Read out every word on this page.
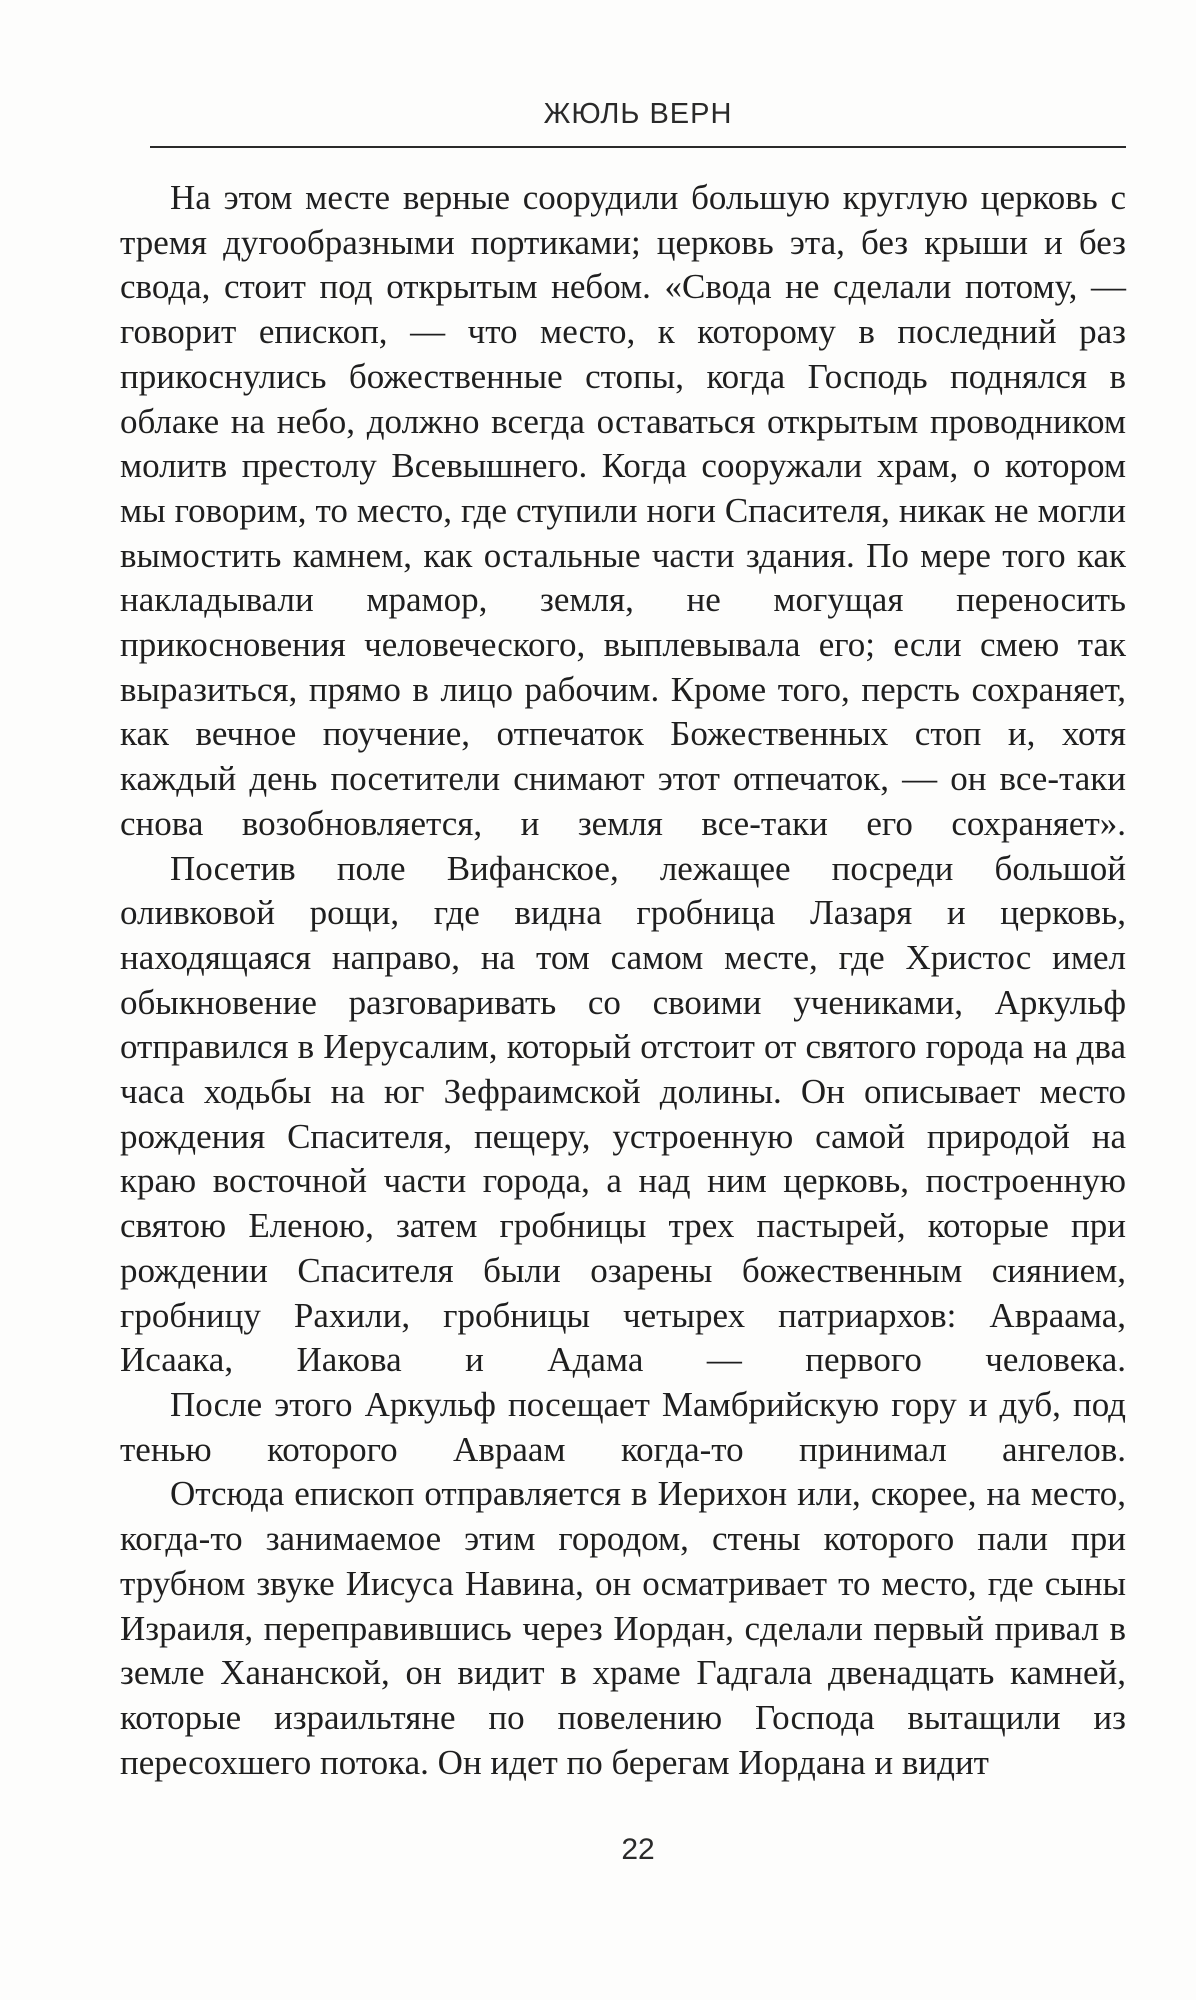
ЖЮЛЬ ВЕРН

На этом месте верные соорудили большую круглую церковь с тремя дугообразными портиками; церковь эта, без крыши и без свода, стоит под открытым небом. «Свода не сделали потому, — говорит епископ, — что место, к которому в последний раз прикоснулись божественные стопы, когда Господь поднялся в облаке на небо, должно всегда оставаться открытым проводником молитв престолу Всевышнего. Когда сооружали храм, о котором мы говорим, то место, где ступили ноги Спасителя, никак не могли вымостить камнем, как остальные части здания. По мере того как накладывали мрамор, земля, не могущая переносить прикосновения человеческого, выплевывала его; если смею так выразиться, прямо в лицо рабочим. Кроме того, персть сохраняет, как вечное поучение, отпечаток Божественных стоп и, хотя каждый день посетители снимают этот отпечаток, — он все-таки снова возобновляется, и земля все-таки его сохраняет».

Посетив поле Вифанское, лежащее посреди большой оливковой рощи, где видна гробница Лазаря и церковь, находящаяся направо, на том самом месте, где Христос имел обыкновение разговаривать со своими учениками, Аркульф отправился в Иерусалим, который отстоит от святого города на два часа ходьбы на юг Зефраимской долины. Он описывает место рождения Спасителя, пещеру, устроенную самой природой на краю восточной части города, а над ним церковь, построенную святою Еленою, затем гробницы трех пастырей, которые при рождении Спасителя были озарены божественным сиянием, гробницу Рахили, гробницы четырех патриархов: Авраама, Исаака, Иакова и Адама — первого человека.

После этого Аркульф посещает Мамбрийскую гору и дуб, под тенью которого Авраам когда-то принимал ангелов.

Отсюда епископ отправляется в Иерихон или, скорее, на место, когда-то занимаемое этим городом, стены которого пали при трубном звуке Иисуса Навина, он осматривает то место, где сыны Израиля, переправившись через Иордан, сделали первый привал в земле Хананской, он видит в храме Гадгала двенадцать камней, которые израильтяне по повелению Господа вытащили из пересохшего потока. Он идет по берегам Иордана и видит

22
